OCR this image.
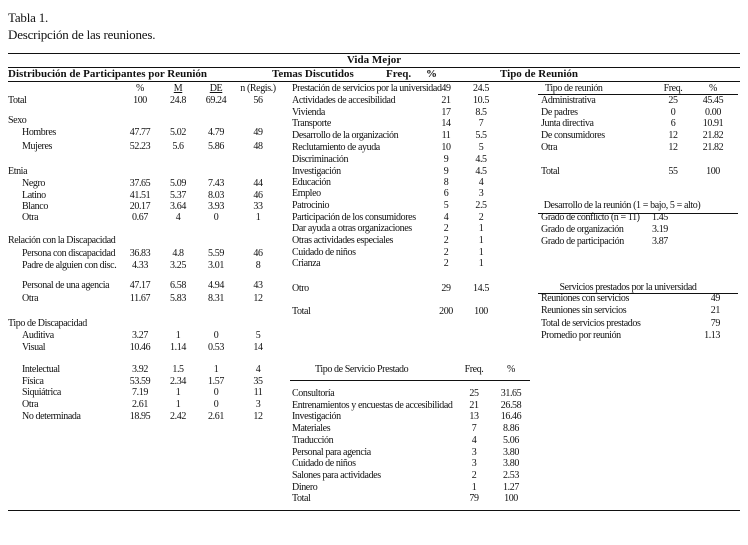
Tabla 1.
Descripción de las reuniones.
Vida Mejor
Distribución de Participantes por Reunión	Temas Discutidos	Freq. %	Tipo de Reunión
%	M	DE n (Regis.)
Total	100 24.8 69.24	56
Sexo
Hombres	47.77 5.02 4.79	49
Mujeres	52.23 5.6 5.86	48
Etnia
Negro	37.65 5.09 7.43	44
Latino	41.51 5.37 8.03	46
Blanco	20.17 3.64 3.93	33
Otra	0.67	4	0	1
Relación con la Discapacidad
Persona con discapacidad 36.83 4.8 5.59	46
Padre de alguien con disc. 4.33 3.25 3.01	8
Personal de una agencia 47.17 6.58 4.94	43
Otra	11.67 5.83 8.31	12
Tipo de Discapacidad
Auditiva	3.27	1	0	5
Visual	10.46 1.14 0.53	14
Intelectual	3.92 1.5	1	4
Física	53.59 2.34 1.57	35
Siquiátrica	7.19	1	0	11
Otra	2.61	1	0	3
No determinada	18.95 2.42 2.61	12
Prestación de servicios por la universidad 49 24.5
Actividades de accesibilidad	21 10.5
Vivienda	17 8.5
Transporte	14	7
Desarrollo de la organización	11 5.5
Reclutamiento de ayuda	10	5
Discriminación	9	4.5
Investigación	9	4.5
Educación	8	4
Empleo	6	3
Patrocinio	5	2.5
Participación de los consumidores	4	2
Dar ayuda a otras organizaciones	2	1
Otras actividades especiales	2	1
Cuidado de niños	2	1
Crianza	2	1
Otro	29 14.5
Total	200 100
Tipo de reunión	Freq.	%
Administrativa	25	45.45
De padres	0	0.00
Junta directiva	6	10.91
De consumidores	12	21.82
Otra	12	21.82
Total	55	100
Desarrollo de la reunión (1 = bajo, 5 = alto)
Grado de conflicto (n = 11) 1.45
Grado de organización	3.19
Grado de participación	3.87
Servicios prestados por la universidad
Reuniones con servicios	49
Reuniones sin servicios	21
Total de servicios prestados	79
Promedio por reunión	1.13
Tipo de Servicio Prestado	Freq. %
Consultoría	25 31.65
Entrenamientos y encuestas de accesibilidad 21 26.58
Investigación	13 16.46
Materiales	7	8.86
Traducción	4	5.06
Personal para agencia	3	3.80
Cuidado de niños	3	3.80
Salones para actividades	2	2.53
Dinero	1	1.27
Total	79	100
